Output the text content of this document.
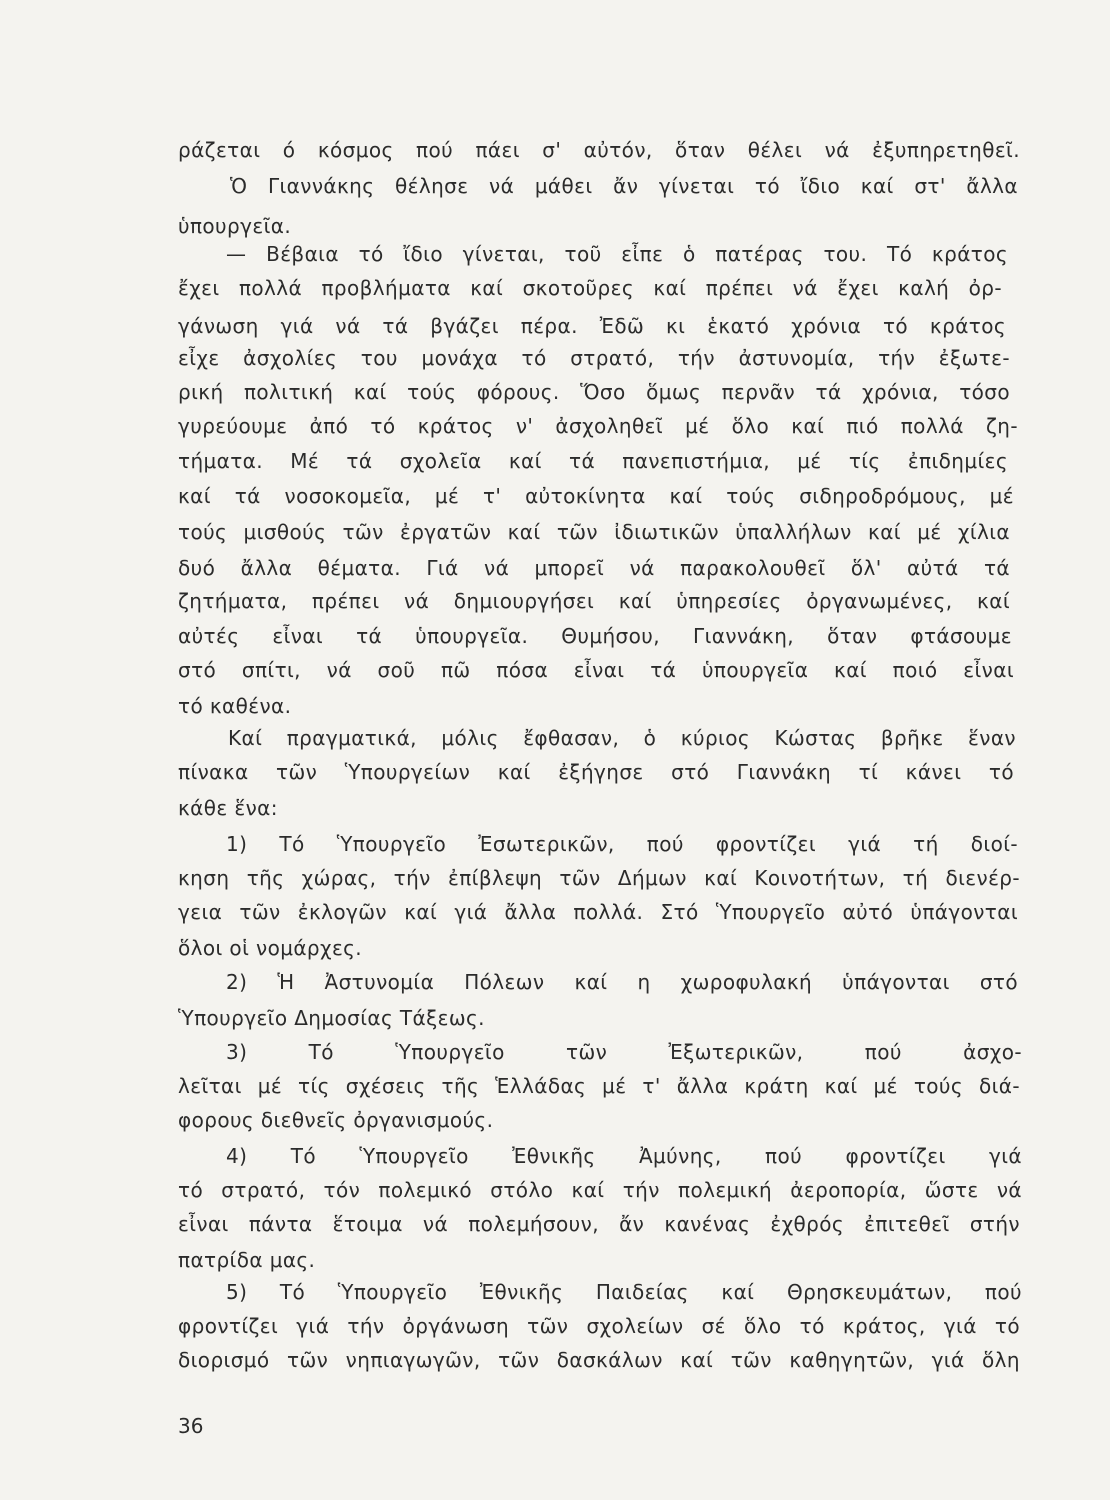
ράζεται ό κόσμος πού πάει σ' αὐτόν, ὅταν θέλει νά ἐξυπηρετηθεῖ.
Ὁ Γιαννάκης θέλησε νά μάθει ἄν γίνεται τό ἴδιο καί στ' ἄλλα
ὑπουργεῖα.
— Βέβαια τό ἴδιο γίνεται, τοῦ εἶπε ὁ πατέρας του. Τό κράτος
ἔχει πολλά προβλήματα καί σκοτοῦρες καί πρέπει νά ἔχει καλή ὀρ-
γάνωση γιά νά τά βγάζει πέρα. Ἐδῶ κι ἑκατό χρόνια τό κράτος
εἶχε ἀσχολίες του μονάχα τό στρατό, τήν ἀστυνομία, τήν ἐξωτε-
ρική πολιτική καί τούς φόρους. Ὅσο ὅμως περνᾶν τά χρόνια, τόσο
γυρεύουμε ἀπό τό κράτος ν' ἀσχοληθεῖ μέ ὅλο καί πιό πολλά ζη-
τήματα. Μέ τά σχολεῖα καί τά πανεπιστήμια, μέ τίς ἐπιδημίες
καί τά νοσοκομεῖα, μέ τ' αὐτοκίνητα καί τούς σιδηροδρόμους, μέ
τούς μισθούς τῶν ἐργατῶν καί τῶν ἰδιωτικῶν ὑπαλλήλων καί μέ χίλια
δυό ἄλλα θέματα. Γιά νά μπορεῖ νά παρακολουθεῖ ὅλ' αὐτά τά
ζητήματα, πρέπει νά δημιουργήσει καί ὑπηρεσίες ὀργανωμένες, καί
αὐτές εἶναι τά ὑπουργεῖα. Θυμήσου, Γιαννάκη, ὅταν φτάσουμε
στό σπίτι, νά σοῦ πῶ πόσα εἶναι τά ὑπουργεῖα καί ποιό εἶναι
τό καθένα.
Καί πραγματικά, μόλις ἔφθασαν, ὁ κύριος Κώστας βρῆκε ἕναν
πίνακα τῶν Ὑπουργείων καί ἐξήγησε στό Γιαννάκη τί κάνει τό
κάθε ἕνα:
1) Τό Ὑπουργεῖο Ἐσωτερικῶν, πού φροντίζει γιά τή διοί-
κηση τῆς χώρας, τήν ἐπίβλεψη τῶν Δήμων καί Κοινοτήτων, τή διενέρ-
γεια τῶν ἐκλογῶν καί γιά ἄλλα πολλά. Στό Ὑπουργεῖο αὐτό ὑπάγονται
ὅλοι οἱ νομάρχες.
2) Ἡ Ἀστυνομία Πόλεων καί η χωροφυλακή ὑπάγονται στό
Ὑπουργεῖο Δημοσίας Τάξεως.
3) Τό Ὑπουργεῖο τῶν Ἐξωτερικῶν, πού ἀσχο-
λεῖται μέ τίς σχέσεις τῆς Ἑλλάδας μέ τ' ἄλλα κράτη καί μέ τούς διά-
φορους διεθνεῖς ὀργανισμούς.
4) Τό Ὑπουργεῖο Ἐθνικῆς Ἀμύνης, πού φροντίζει γιά
τό στρατό, τόν πολεμικό στόλο καί τήν πολεμική ἀεροπορία, ὥστε νά
εἶναι πάντα ἕτοιμα νά πολεμήσουν, ἄν κανένας ἐχθρός ἐπιτεθεῖ στήν
πατρίδα μας.
5) Τό Ὑπουργεῖο Ἐθνικῆς Παιδείας καί Θρησκευμάτων, πού
φροντίζει γιά τήν ὀργάνωση τῶν σχολείων σέ ὅλο τό κράτος, γιά τό
διορισμό τῶν νηπιαγωγῶν, τῶν δασκάλων καί τῶν καθηγητῶν, γιά ὅλη
36
